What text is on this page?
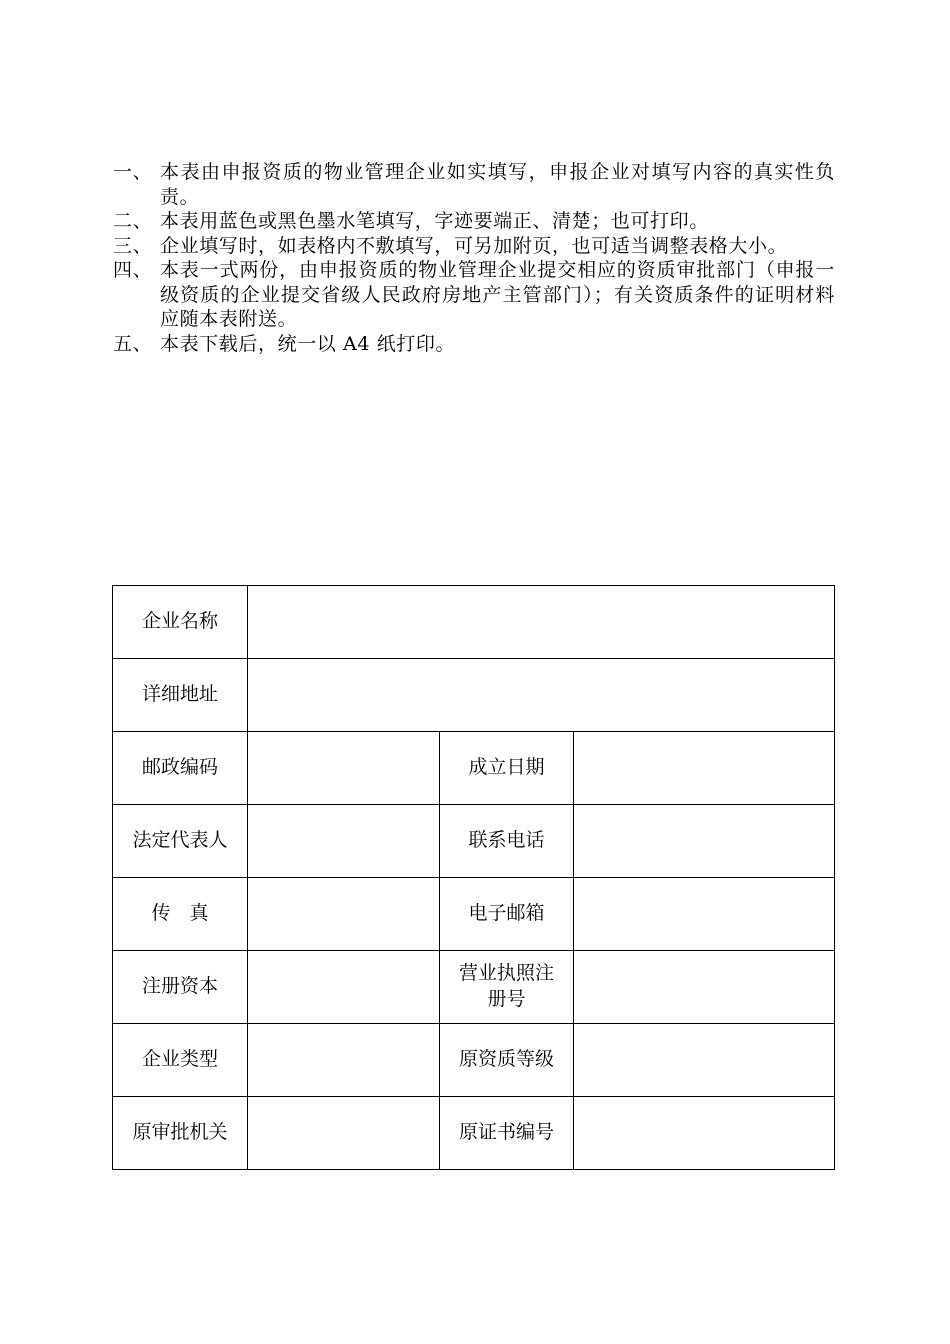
一、 本表由申报资质的物业管理企业如实填写，申报企业对填写内容的真实性负责。
二、 本表用蓝色或黑色墨水笔填写，字迹要端正、清楚；也可打印。
三、 企业填写时，如表格内不敷填写，可另加附页，也可适当调整表格大小。
四、 本表一式两份，由申报资质的物业管理企业提交相应的资质审批部门（申报一级资质的企业提交省级人民政府房地产主管部门）；有关资质条件的证明材料应随本表附送。
五、 本表下载后，统一以 A4 纸打印。
企业名称			
详细地址			
邮政编码		成立日期	
法定代表人		联系电话	
传　真		电子邮箱	
注册资本		营业执照注册号	
企业类型		原资质等级	
原审批机关		原证书编号	
